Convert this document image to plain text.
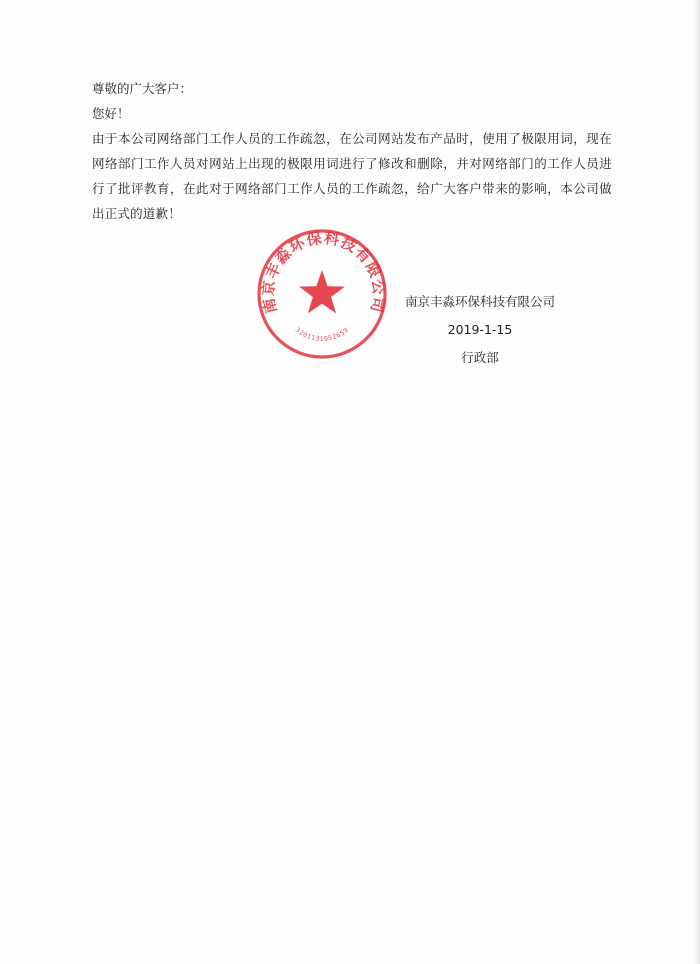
尊敬的广大客户：

您好！

由于本公司网络部门工作人员的工作疏忽，在公司网站发布产品时，使用了极限用词，现在网络部门工作人员对网站上出现的极限用词进行了修改和删除，并对网络部门的工作人员进行了批评教育，在此对于网络部门工作人员的工作疏忽，给广大客户带来的影响，本公司做出正式的道歉！

南京丰淼环保科技有限公司
3201131052659
南京丰淼环保科技有限公司
2019-1-15
行政部
